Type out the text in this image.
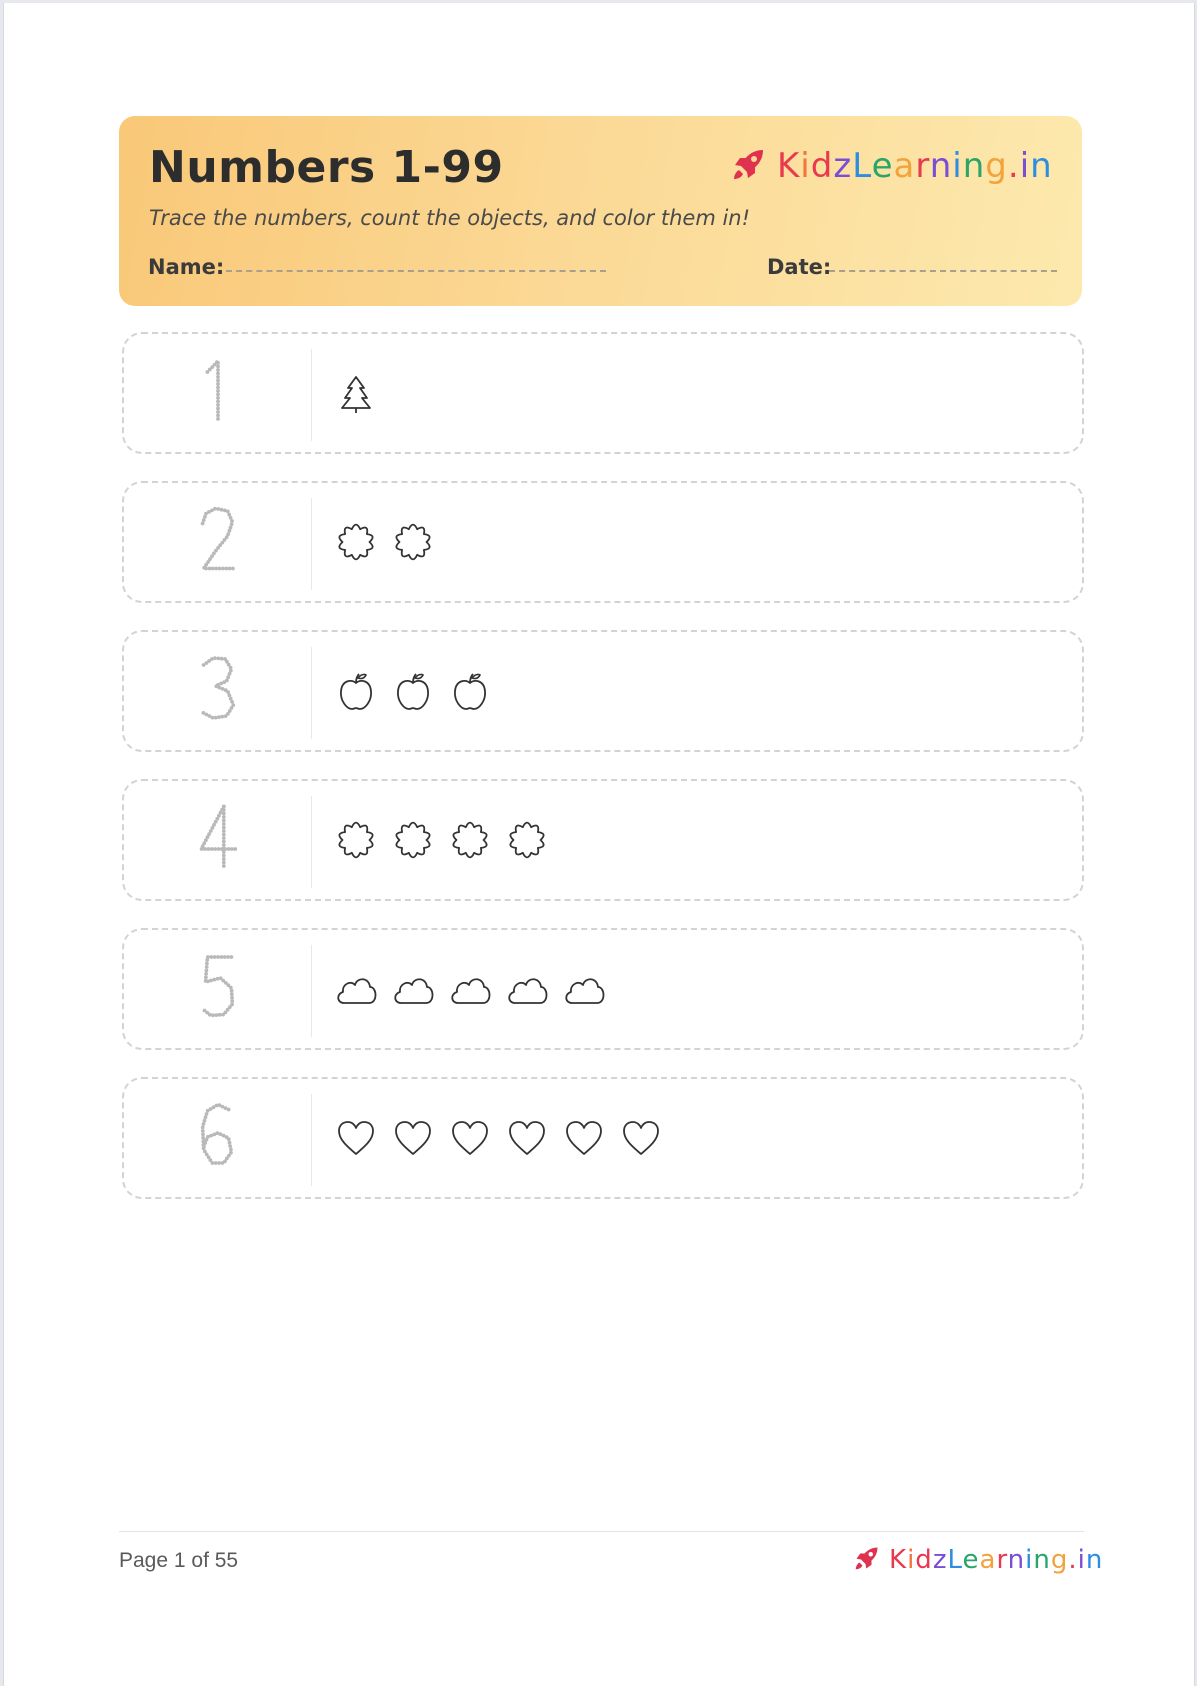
Numbers 1-99	KidzLearning.in
Trace the numbers, count the objects, and color them in!
Name:	Date:
Page 1 of 55	KidzLearning.in
